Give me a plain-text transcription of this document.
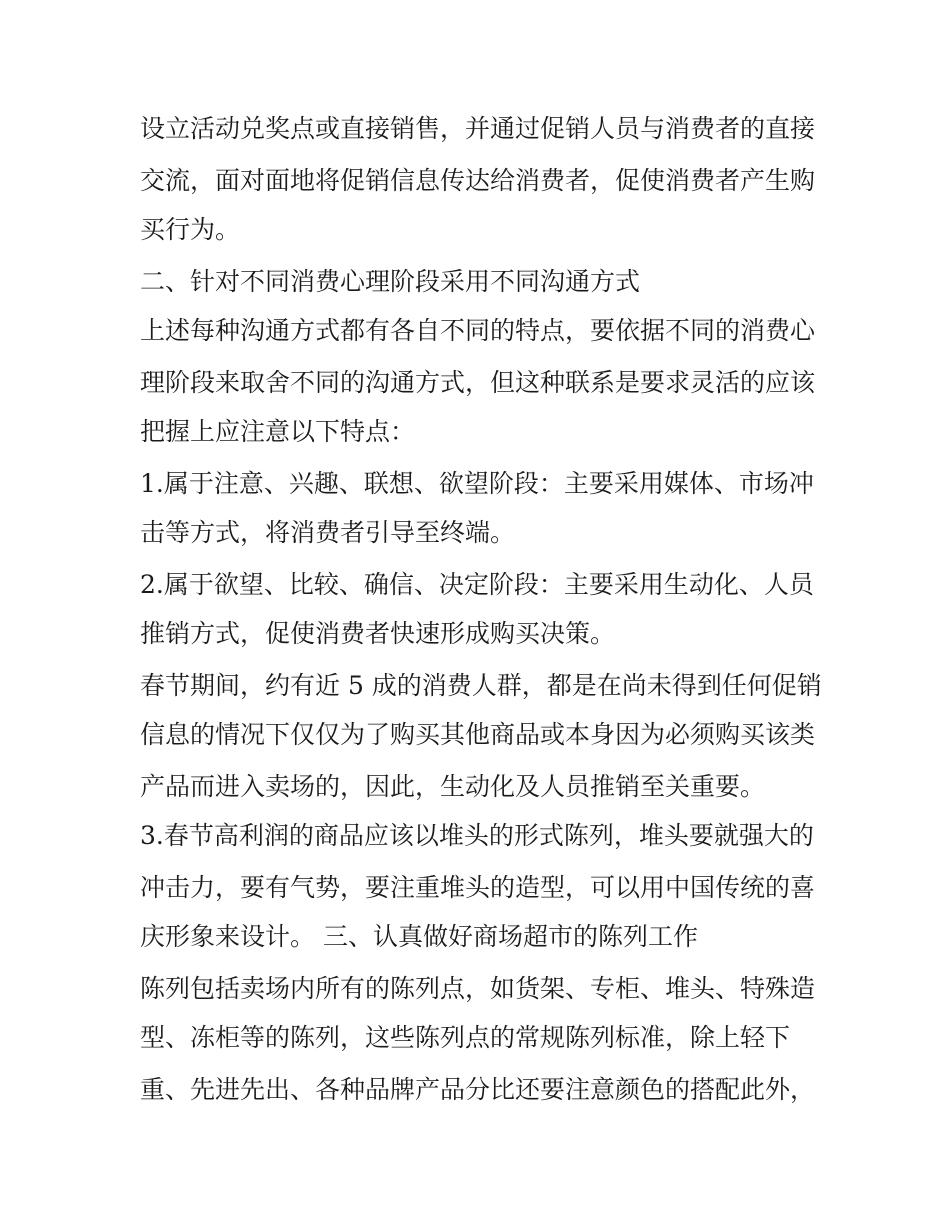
设立活动兑奖点或直接销售，并通过促销人员与消费者的直接
交流，面对面地将促销信息传达给消费者，促使消费者产生购
买行为。
二、针对不同消费心理阶段采用不同沟通方式
上述每种沟通方式都有各自不同的特点，要依据不同的消费心
理阶段来取舍不同的沟通方式，但这种联系是要求灵活的应该
把握上应注意以下特点：
1.属于注意、兴趣、联想、欲望阶段：主要采用媒体、市场冲
击等方式，将消费者引导至终端。
2.属于欲望、比较、确信、决定阶段：主要采用生动化、人员
推销方式，促使消费者快速形成购买决策。
春节期间，约有近 5 成的消费人群，都是在尚未得到任何促销
信息的情况下仅仅为了购买其他商品或本身因为必须购买该类
产品而进入卖场的，因此，生动化及人员推销至关重要。
3.春节高利润的商品应该以堆头的形式陈列，堆头要就强大的
冲击力，要有气势，要注重堆头的造型，可以用中国传统的喜
庆形象来设计。 三、认真做好商场超市的陈列工作
陈列包括卖场内所有的陈列点，如货架、专柜、堆头、特殊造
型、冻柜等的陈列，这些陈列点的常规陈列标准，除上轻下
重、先进先出、各种品牌产品分比还要注意颜色的搭配此外，
